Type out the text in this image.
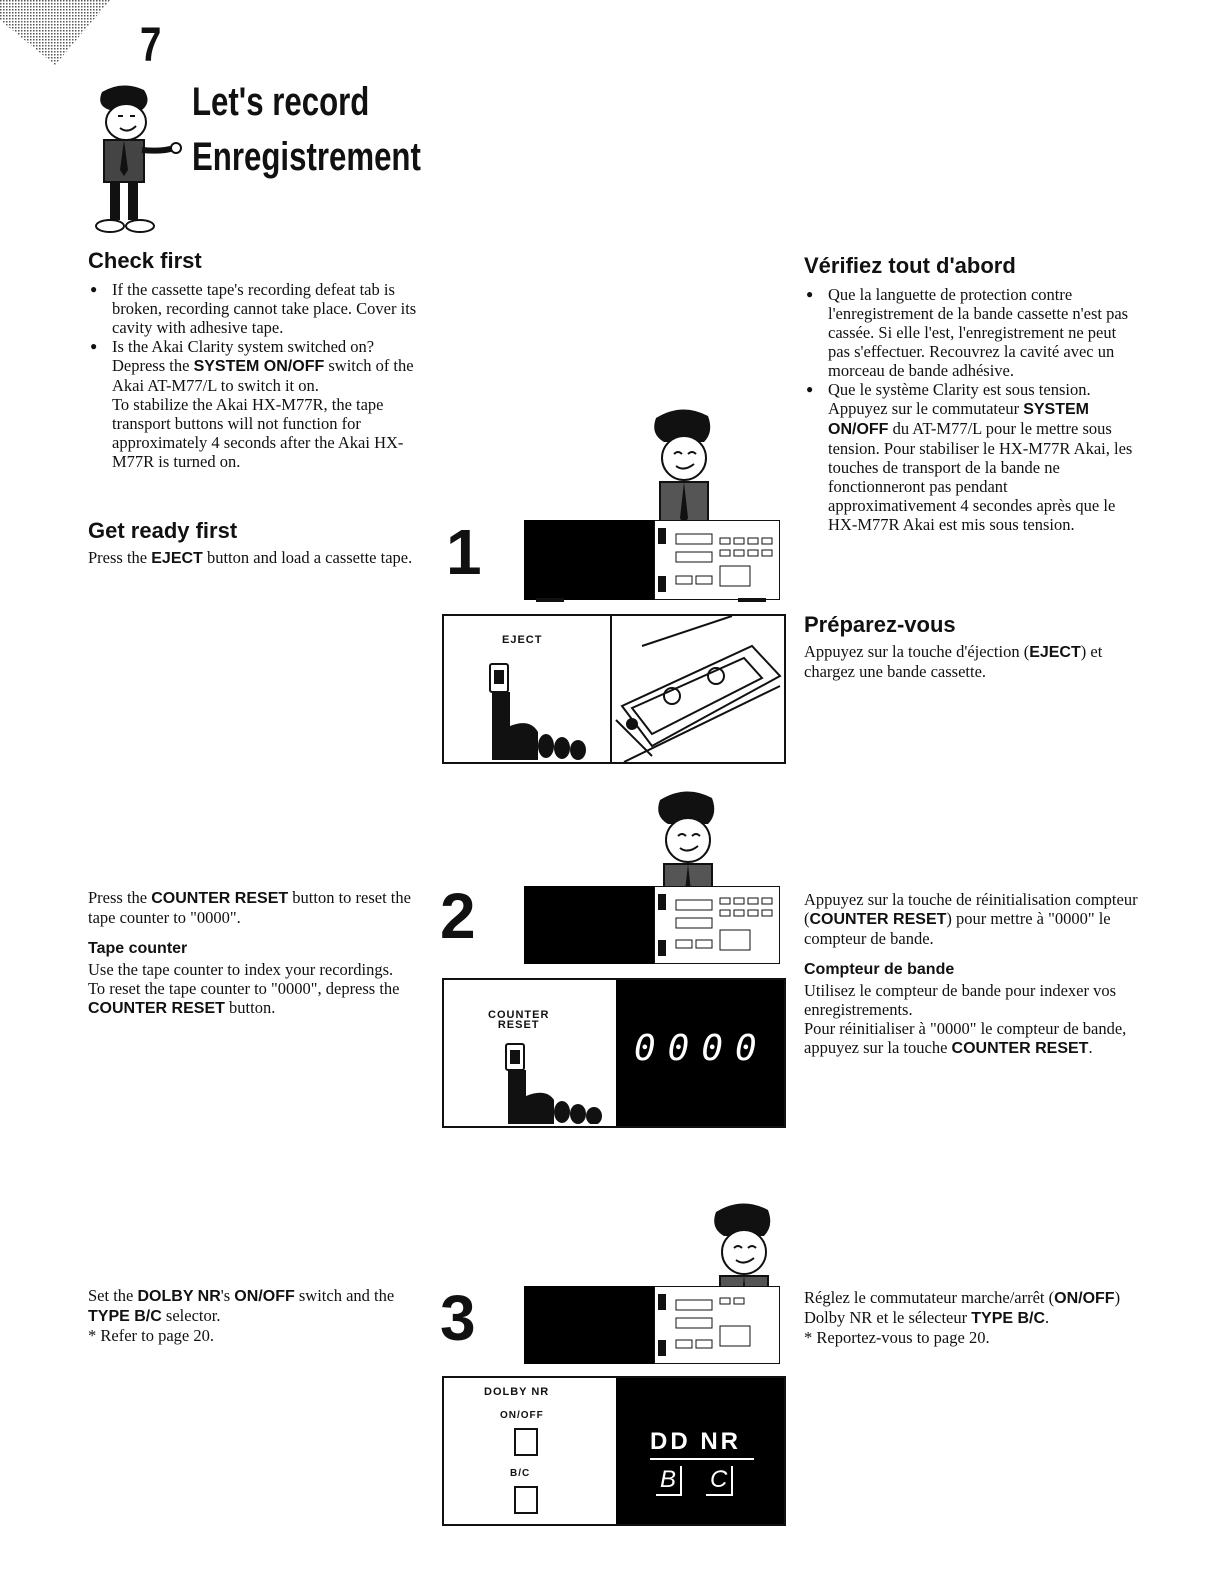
7
Let's record
Enregistrement
Check first
● If the cassette tape's recording defeat tab is broken, recording cannot take place. Cover its cavity with adhesive tape.
● Is the Akai Clarity system switched on? Depress the SYSTEM ON/OFF switch of the Akai AT-M77/L to switch it on.
To stabilize the Akai HX-M77R, the tape transport buttons will not function for approximately 4 seconds after the Akai HX-M77R is turned on.
Get ready first

Press the EJECT button and load a cassette tape.

Press the COUNTER RESET button to reset the tape counter to "0000".

Tape counter

Use the tape counter to index your recordings.
To reset the tape counter to "0000", depress the COUNTER RESET button.

Set the DOLBY NR's ON/OFF switch and the TYPE B/C selector.

* Refer to page 20.

Vérifiez tout d'abord
● Que la languette de protection contre l'enregistrement de la bande cassette n'est pas cassée. Si elle l'est, l'enregistrement ne peut pas s'effectuer. Recouvrez la cavité avec un morceau de bande adhésive.
● Que le système Clarity est sous tension. Appuyez sur le commutateur SYSTEM ON/OFF du AT-M77/L pour le mettre sous tension. Pour stabiliser le HX-M77R Akai, les touches de transport de la bande ne fonctionneront pas pendant approximativement 4 secondes après que le HX-M77R Akai est mis sous tension.
Préparez-vous

Appuyez sur la touche d'éjection (EJECT) et chargez une bande cassette.

Appuyez sur la touche de réinitialisation compteur (COUNTER RESET) pour mettre à "0000" le compteur de bande.

Compteur de bande

Utilisez le compteur de bande pour indexer vos enregistrements.
Pour réinitialiser à "0000" le compteur de bande, appuyez sur la touche COUNTER RESET.

Réglez le commutateur marche/arrêt (ON/OFF) Dolby NR et le sélecteur TYPE B/C.

* Reportez-vous to page 20.

1
EJECT
2
COUNTER
RESET
0000
3
DOLBY NR
ON/OFF
B/C
DD NR
B C
